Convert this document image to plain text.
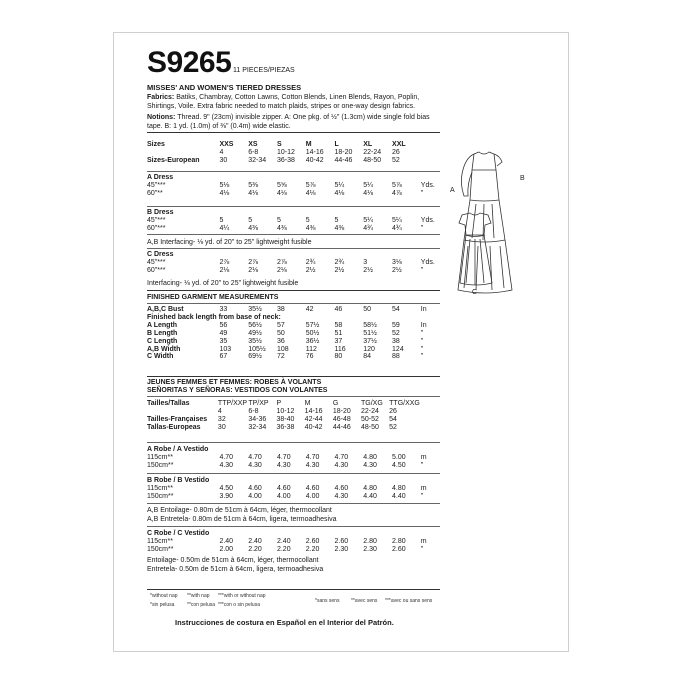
S9265 11 PIECES/PIEZAS
MISSES' AND WOMEN'S TIERED DRESSES
Fabrics: Batiks, Chambray, Cotton Lawns, Cotton Blends, Linen Blends, Rayon, Poplin, Shirtings, Voile. Extra fabric needed to match plaids, stripes or one-way design fabrics.
Notions: Thread. 9" (23cm) invisible zipper. A: One pkg. of ½" (1.3cm) wide single fold bias tape. B: 1 yd. (1.0m) of ⅜" (0.4m) wide elastic.
Sizes	XXS	XS	S	M	L	XL	XXL	
	4	6-8	10-12	14-16	18-20	22-24	26	
Sizes-European	30	32-34	36-38	40-42	44-46	48-50	52	
A Dress								
45"***	5⅛	5⅜	5⅝	5⅞	5¼	5¼	5⅞	Yds.
60"**	4⅛	4⅛	4⅛	4⅛	4⅛	4⅛	4⅞	"
B Dress								
45"***	5	5	5	5	5	5¼	5¼	Yds.
60"***	4¼	4⅜	4⅜	4⅜	4⅜	4¾	4¾	"
A,B Interfacing- ⅛ yd. of 20" to 25" lightweight fusible
C Dress								
45"***	2⅞	2⅞	2⅞	2¾	2¾	3	3⅛	Yds.
60"***	2⅛	2⅛	2⅛	2½	2½	2½	2½	"
Interfacing- ⅛ yd. of 20" to 25" lightweight fusible
FINISHED GARMENT MEASUREMENTS
A,B,C Bust	33	35½	38	42	46	50	54	In
Finished back length from base of neck:								
A Length	56	56½	57	57½	58	58½	59	In
B Length	49	49½	50	50½	51	51½	52	"
C Length	35	35½	36	36½	37	37½	38	"
A,B Width	103	105½	108	112	116	120	124	"
C Width	67	69½	72	76	80	84	88	"
JEUNES FEMMES ET FEMMES: ROBES À VOLANTS
SEÑORITAS Y SEÑORAS: VESTIDOS CON VOLANTES
Tailles/Tallas	TTP/XXP	TP/XP	P	M	G	TG/XG	TTG/XXG	
	4	6-8	10-12	14-16	18-20	22-24	26	
Tailles-Françaises	32	34-36	38-40	42-44	46-48	50-52	54	
Tallas-Europeas	30	32-34	36-38	40-42	44-46	48-50	52	
A Robe / A Vestido								
115cm**	4.70	4.70	4.70	4.70	4.70	4.80	5.00	m
150cm**	4.30	4.30	4.30	4.30	4.30	4.30	4.50	"
B Robe / B Vestido								
115cm**	4.50	4.60	4.60	4.60	4.60	4.80	4.80	m
150cm**	3.90	4.00	4.00	4.00	4.30	4.40	4.40	"
A,B Entoilage- 0.80m de 51cm à 64cm, léger, thermocollant
A,B Entretela- 0.80m de 51cm à 64cm, ligera, termoadhesiva
C Robe / C Vestido								
115cm**	2.40	2.40	2.40	2.60	2.60	2.80	2.80	m
150cm**	2.00	2.20	2.20	2.20	2.30	2.30	2.60	"
Entoilage- 0.50m de 51cm à 64cm, léger, thermocollant
Entretela- 0.50m de 51cm à 64cm, ligera, termoadhesiva
*without nap **with nap ***with or without nap
*sin pelusa	**con pelusa ***con o sin pelusa
*sans sens **avec sens ***avec ou sans sens
Instrucciones de costura en Español en el Interior del Patrón.
A
B
C
